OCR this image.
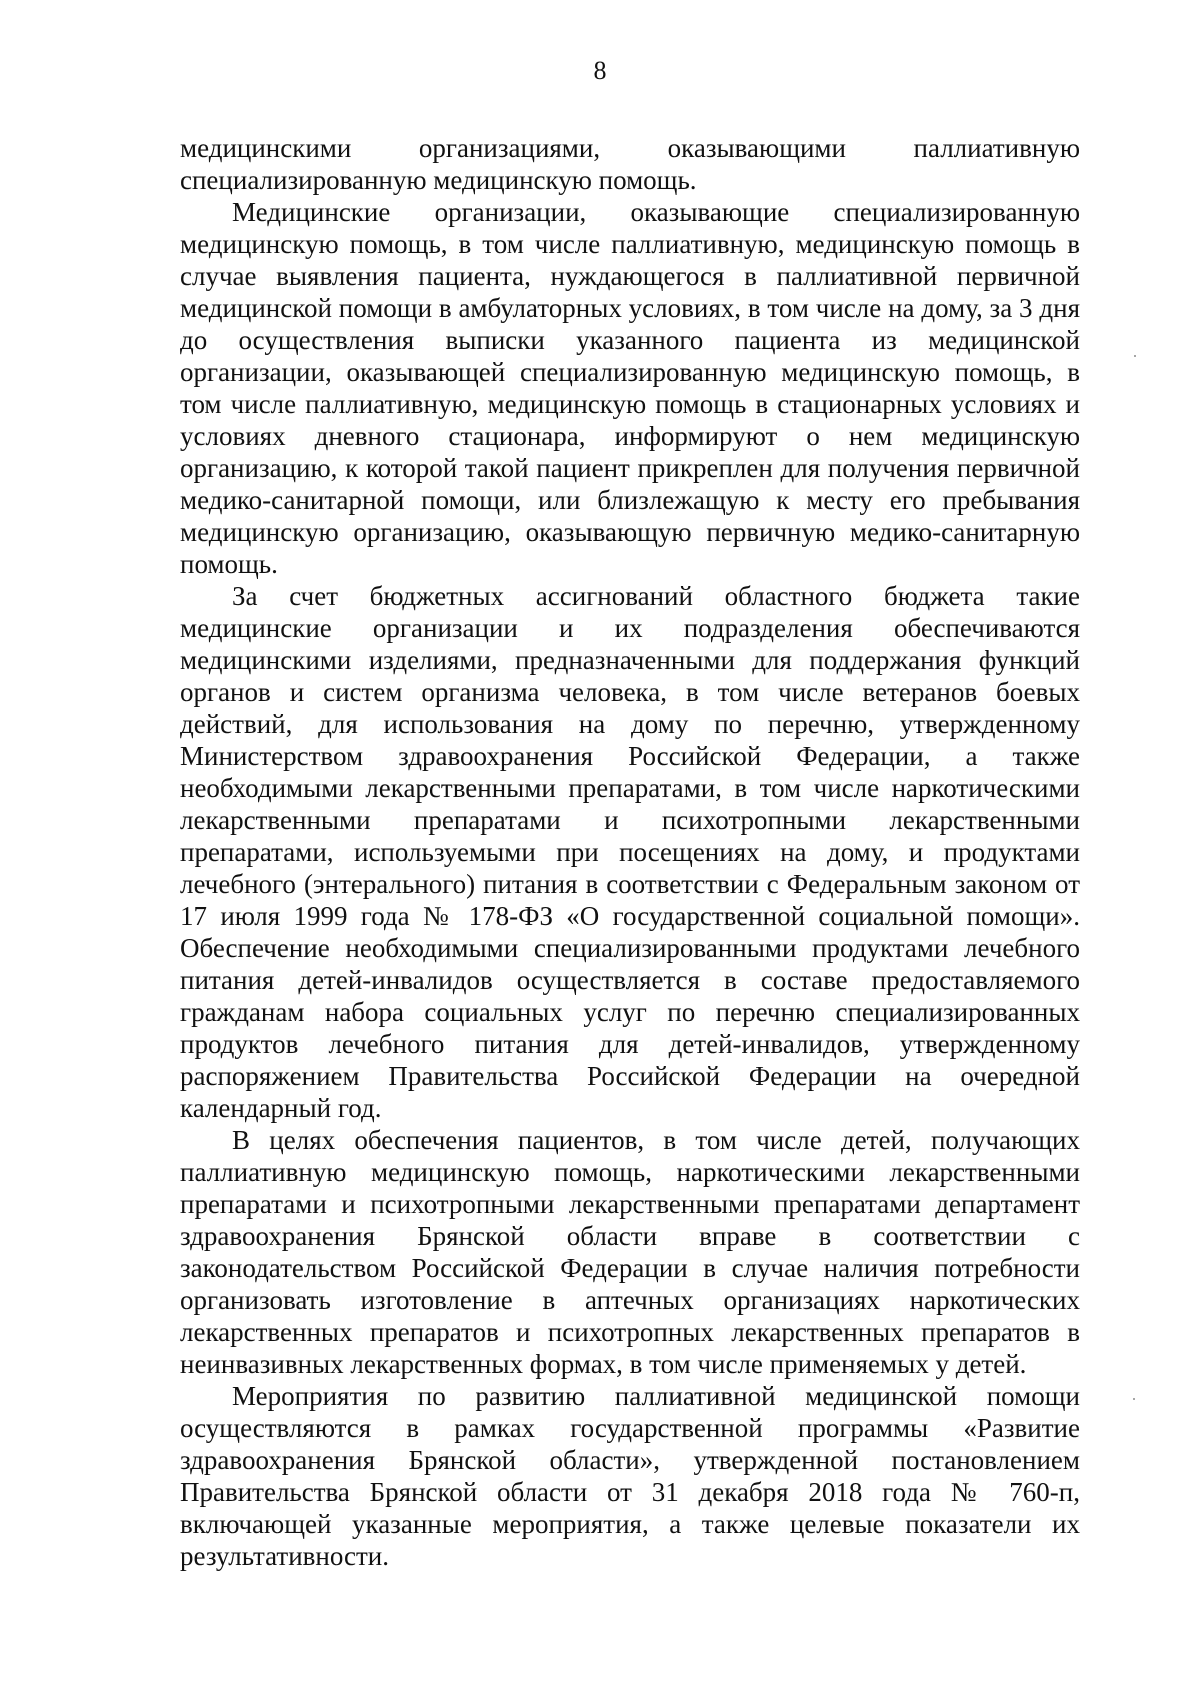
8

медицинскими организациями, оказывающими паллиативную специализированную медицинскую помощь.

Медицинские организации, оказывающие специализированную медицинскую помощь, в том числе паллиативную, медицинскую помощь в случае выявления пациента, нуждающегося в паллиативной первичной медицинской помощи в амбулаторных условиях, в том числе на дому, за 3 дня до осуществления выписки указанного пациента из медицинской организации, оказывающей специализированную медицинскую помощь, в том числе паллиативную, медицинскую помощь в стационарных условиях и условиях дневного стационара, информируют о нем медицинскую организацию, к которой такой пациент прикреплен для получения первичной медико-санитарной помощи, или близлежащую к месту его пребывания медицинскую организацию, оказывающую первичную медико-санитарную помощь.

За счет бюджетных ассигнований областного бюджета такие медицинские организации и их подразделения обеспечиваются медицинскими изделиями, предназначенными для поддержания функций органов и систем организма человека, в том числе ветеранов боевых действий, для использования на дому по перечню, утвержденному Министерством здравоохранения Российской Федерации, а также необходимыми лекарственными препаратами, в том числе наркотическими лекарственными препаратами и психотропными лекарственными препаратами, используемыми при посещениях на дому, и продуктами лечебного (энтерального) питания в соответствии с Федеральным законом от 17 июля 1999 года № 178-ФЗ «О государственной социальной помощи». Обеспечение необходимыми специализированными продуктами лечебного питания детей-инвалидов осуществляется в составе предоставляемого гражданам набора социальных услуг по перечню специализированных продуктов лечебного питания для детей-инвалидов, утвержденному распоряжением Правительства Российской Федерации на очередной календарный год.

В целях обеспечения пациентов, в том числе детей, получающих паллиативную медицинскую помощь, наркотическими лекарственными препаратами и психотропными лекарственными препаратами департамент здравоохранения Брянской области вправе в соответствии с законодательством Российской Федерации в случае наличия потребности организовать изготовление в аптечных организациях наркотических лекарственных препаратов и психотропных лекарственных препаратов в неинвазивных лекарственных формах, в том числе применяемых у детей.

Мероприятия по развитию паллиативной медицинской помощи осуществляются в рамках государственной программы «Развитие здравоохранения Брянской области», утвержденной постановлением Правительства Брянской области от 31 декабря 2018 года № 760-п, включающей указанные мероприятия, а также целевые показатели их результативности.
